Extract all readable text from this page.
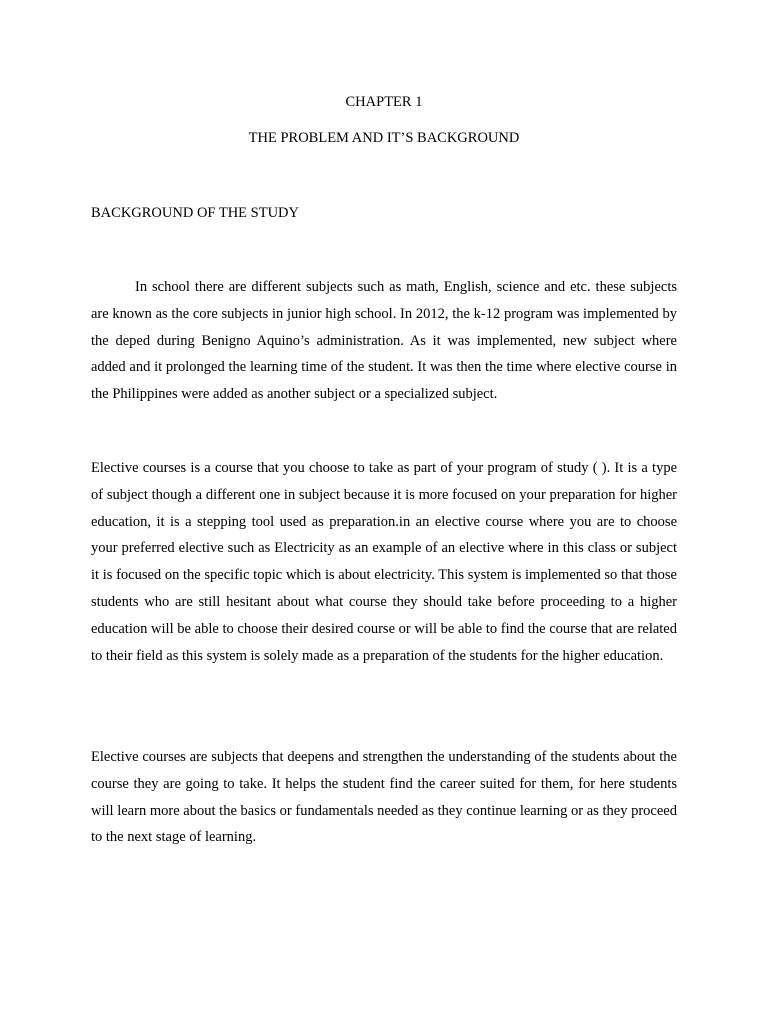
CHAPTER 1
THE PROBLEM AND IT’S BACKGROUND
BACKGROUND OF THE STUDY

In school there are different subjects such as math, English, science and etc. these subjects are known as the core subjects in junior high school. In 2012, the k-12 program was implemented by the deped during Benigno Aquino’s administration. As it was implemented, new subject where added and it prolonged the learning time of the student. It was then the time where elective course in the Philippines were added as another subject or a specialized subject.

Elective courses is a course that you choose to take as part of your program of study ( ). It is a type of subject though a different one in subject because it is more focused on your preparation for higher education, it is a stepping tool used as preparation.in an elective course where you are to choose your preferred elective such as Electricity as an example of an elective where in this class or subject it is focused on the specific topic which is about electricity. This system is implemented so that those students who are still hesitant about what course they should take before proceeding to a higher education will be able to choose their desired course or will be able to find the course that are related to their field as this system is solely made as a preparation of the students for the higher education.

Elective courses are subjects that deepens and strengthen the understanding of the students about the course they are going to take. It helps the student find the career suited for them, for here students will learn more about the basics or fundamentals needed as they continue learning or as they proceed to the next stage of learning.
